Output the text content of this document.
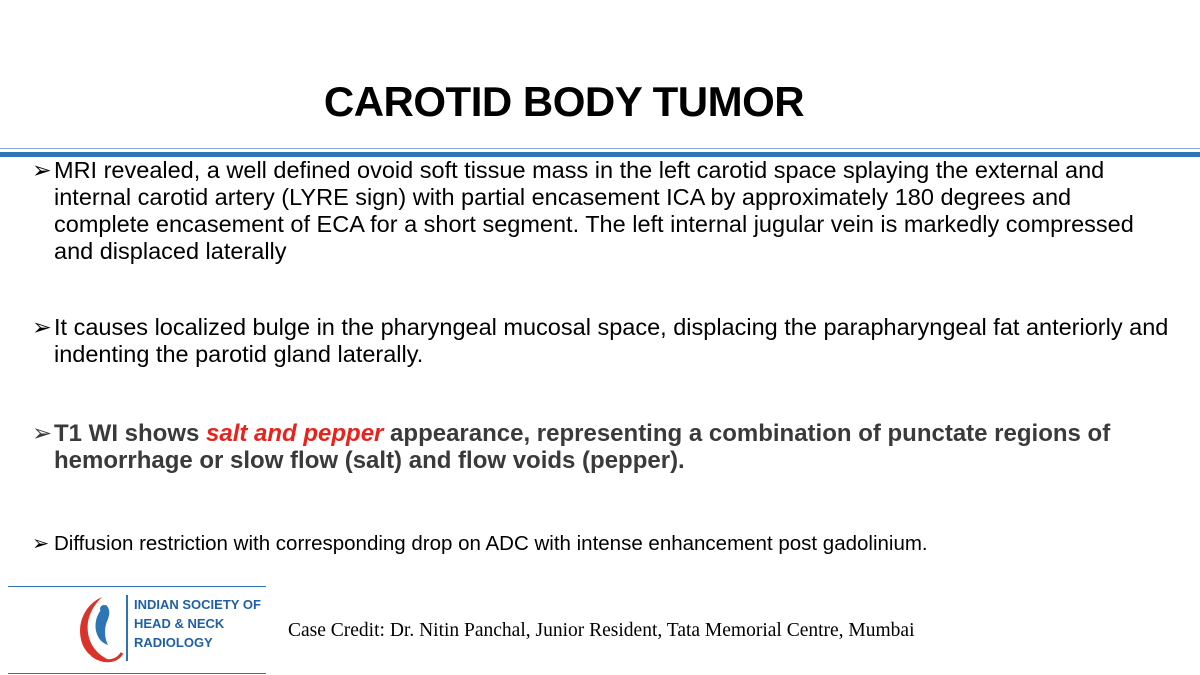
CAROTID BODY TUMOR
➢ MRI revealed, a well defined ovoid soft tissue mass in the left carotid space splaying the external and internal carotid artery (LYRE sign) with partial encasement ICA by approximately 180 degrees and complete encasement of ECA for a short segment. The left internal jugular vein is markedly compressed and displaced laterally
➢ It causes localized bulge in the pharyngeal mucosal space, displacing the parapharyngeal fat anteriorly and indenting the parotid gland laterally.
➢ T1 WI shows salt and pepper appearance, representing a combination of punctate regions of hemorrhage or slow flow (salt) and flow voids (pepper).
➢ Diffusion restriction with corresponding drop on ADC with intense enhancement post gadolinium.
INDIAN SOCIETY OF
HEAD & NECK
RADIOLOGY
Case Credit: Dr. Nitin Panchal, Junior Resident, Tata Memorial Centre, Mumbai
